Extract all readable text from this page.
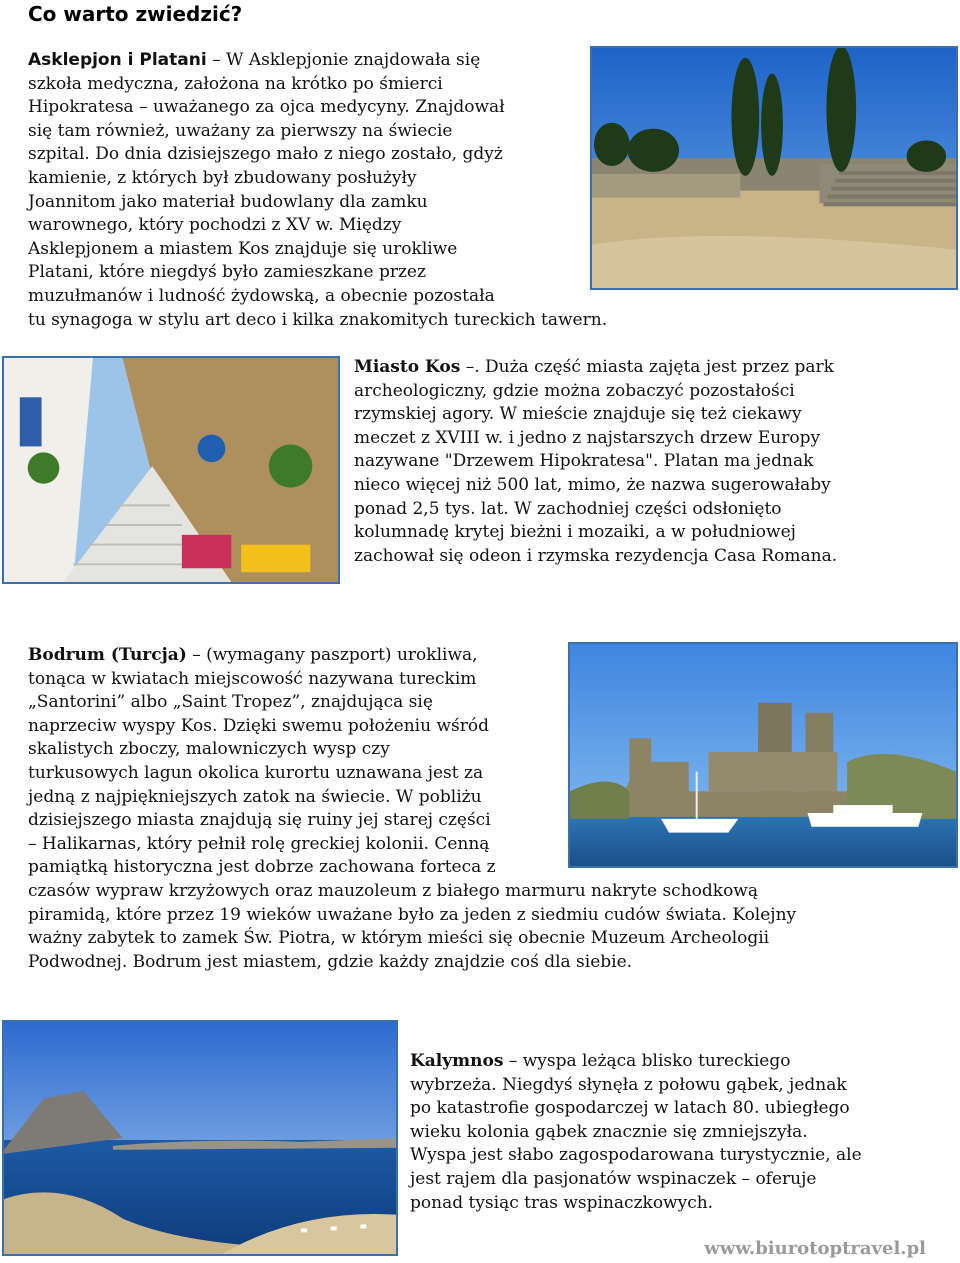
Co warto zwiedzić?

Asklepjon i Platani – W Asklepjonie znajdowała się
szkoła medyczna, założona na krótko po śmierci
Hipokratesa – uważanego za ojca medycyny. Znajdował
się tam również, uważany za pierwszy na świecie
szpital. Do dnia dzisiejszego mało z niego zostało, gdyż
kamienie, z których był zbudowany posłużyły
Joannitom jako materiał budowlany dla zamku
warownego, który pochodzi z XV w. Między
Asklepjonem a miastem Kos znajduje się urokliwe
Platani, które niegdyś było zamieszkane przez
muzułmanów i ludność żydowską, a obecnie pozostała
tu synagoga w stylu art deco i kilka znakomitych tureckich tawern.

Miasto Kos –. Duża część miasta zajęta jest przez park
archeologiczny, gdzie można zobaczyć pozostałości
rzymskiej agory. W mieście znajduje się też ciekawy
meczet z XVIII w. i jedno z najstarszych drzew Europy
nazywane "Drzewem Hipokratesa". Platan ma jednak
nieco więcej niż 500 lat, mimo, że nazwa sugerowałaby
ponad 2,5 tys. lat. W zachodniej części odsłonięto
kolumnadę krytej bieżni i mozaiki, a w południowej
zachował się odeon i rzymska rezydencja Casa Romana.

Bodrum (Turcja) – (wymagany paszport) urokliwa,
tonąca w kwiatach miejscowość nazywana tureckim
„Santorini” albo „Saint Tropez”, znajdująca się
naprzeciw wyspy Kos. Dzięki swemu położeniu wśród
skalistych zboczy, malowniczych wysp czy
turkusowych lagun okolica kurortu uznawana jest za
jedną z najpiękniejszych zatok na świecie. W pobliżu
dzisiejszego miasta znajdują się ruiny jej starej części
– Halikarnas, który pełnił rolę greckiej kolonii. Cenną
pamiątką historyczna jest dobrze zachowana forteca z
czasów wypraw krzyżowych oraz mauzoleum z białego marmuru nakryte schodkową
piramidą, które przez 19 wieków uważane było za jeden z siedmiu cudów świata. Kolejny
ważny zabytek to zamek Św. Piotra, w którym mieści się obecnie Muzeum Archeologii
Podwodnej. Bodrum jest miastem, gdzie każdy znajdzie coś dla siebie.

Kalymnos – wyspa leżąca blisko tureckiego
wybrzeża. Niegdyś słynęła z połowu gąbek, jednak
po katastrofie gospodarczej w latach 80. ubiegłego
wieku kolonia gąbek znacznie się zmniejszyła.
Wyspa jest słabo zagospodarowana turystycznie, ale
jest rajem dla pasjonatów wspinaczek – oferuje
ponad tysiąc tras wspinaczkowych.

www.biurotoptravel.pl
